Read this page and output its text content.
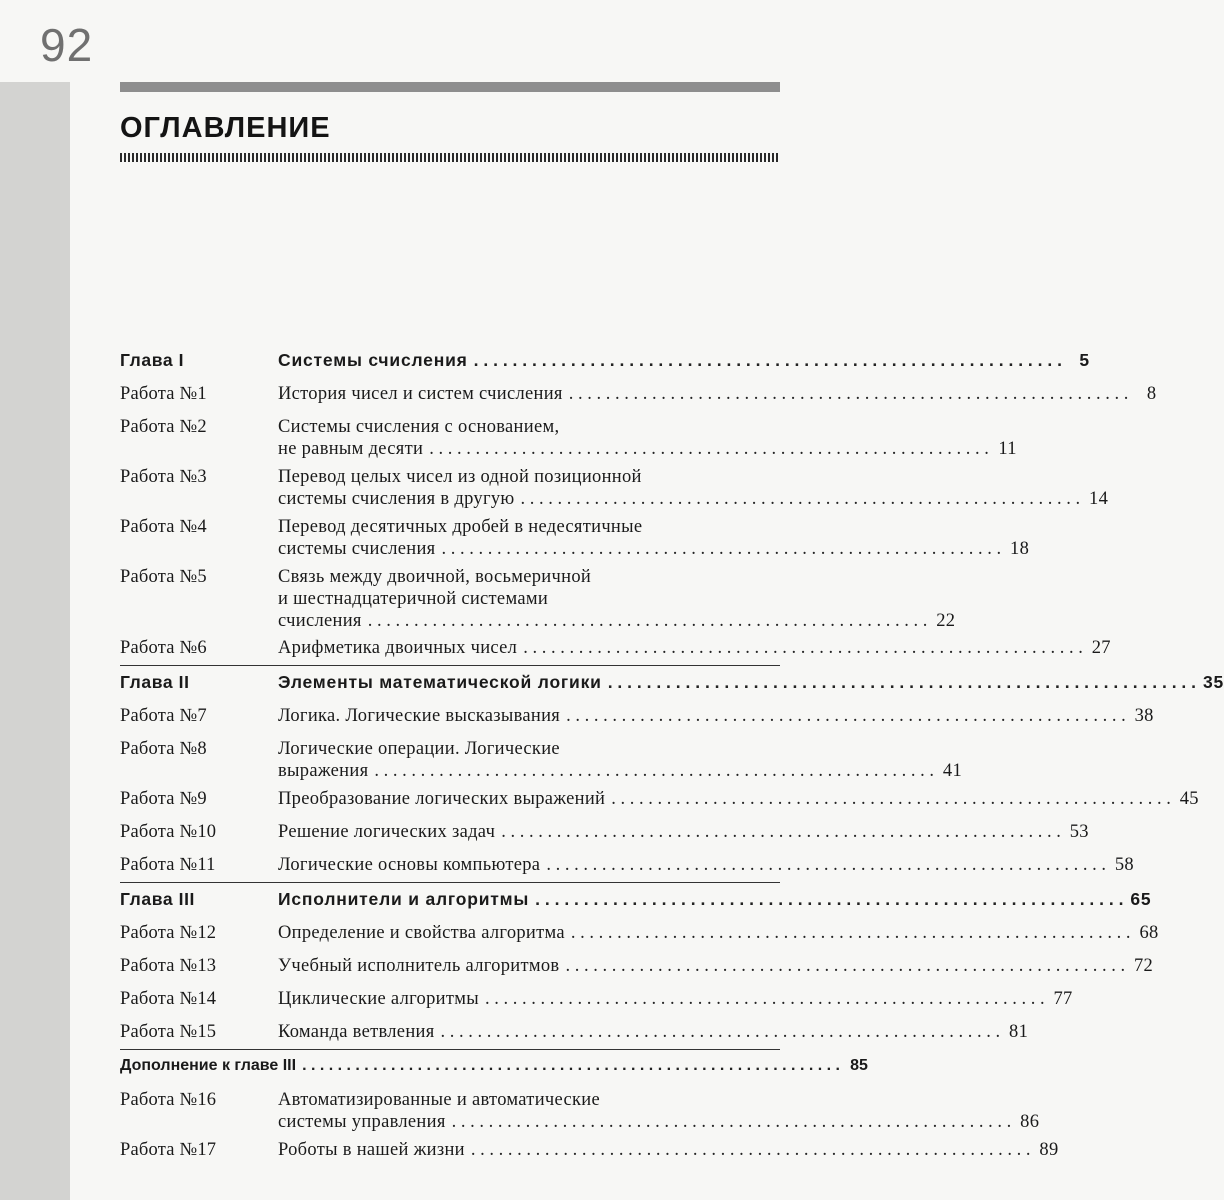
92
ОГЛАВЛЕНИЕ
Глава I	Системы счисления . . .	5
Работа №1	История чисел и систем счисления . . .	8
Работа №2	Системы счисления с основанием,
не равным десяти . . .	11
Работа №3	Перевод целых чисел из одной позиционной
системы счисления в другую . . .	14
Работа №4	Перевод десятичных дробей в недесятичные
системы счисления . . .	18
Работа №5	Связь между двоичной, восьмеричной
и шестнадцатеричной системами
счисления . . .	22
Работа №6	Арифметика двоичных чисел . . .	27
Глава II	Элементы математической логики . . .	35
Работа №7	Логика. Логические высказывания . . .	38
Работа №8	Логические операции. Логические
выражения . . .	41
Работа №9	Преобразование логических выражений . . .	45
Работа №10	Решение логических задач . . .	53
Работа №11	Логические основы компьютера . . .	58
Глава III	Исполнители и алгоритмы . . .	65
Работа №12	Определение и свойства алгоритма . . .	68
Работа №13	Учебный исполнитель алгоритмов . . .	72
Работа №14	Циклические алгоритмы . . .	77
Работа №15	Команда ветвления . . .	81
Дополнение к главе III . . .	85
Работа №16	Автоматизированные и автоматические
системы управления . . .	86
Работа №17	Роботы в нашей жизни . . .	89
